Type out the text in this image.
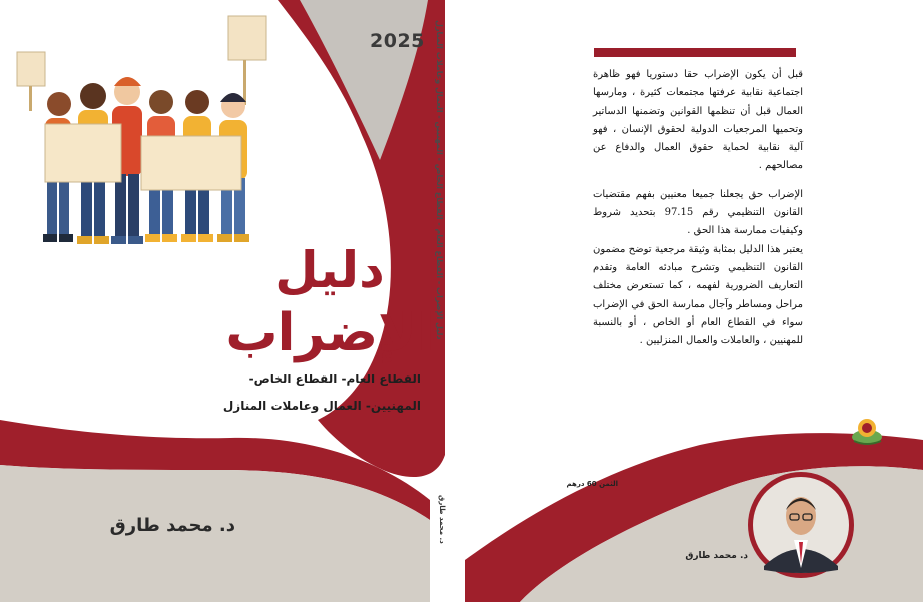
2025 دليل الإضراب - القطاع العام - القطاع الخاص - المهنيين - العمال وعاملات المنازل
د. محمد طارق
دليل
الإضراب
القطاع العام- القطاع الخاص-
المهنيين- العمال وعاملات المنازل
د. محمد طارق

قبل أن يكون الإضراب حقا دستوريا فهو ظاهرة اجتماعية نقابية عرفتها مجتمعات كثيرة ، ومارسها العمال قبل أن تنظمها القوانين وتضمنها الدساتير وتحميها المرجعيات الدولية لحقوق الإنسان ، فهو آلية نقابية لحماية حقوق العمال والدفاع عن مصالحهم .

الإضراب حق يجعلنا جميعا معنيين بفهم مقتضيات القانون التنظيمي رقم 97.15 بتحديد شروط وكيفيات ممارسة هذا الحق .

يعتبر هذا الدليل بمثابة وثيقة مرجعية توضح مضمون القانون التنظيمي وتشرح مبادئه العامة وتقدم التعاريف الضرورية لفهمه ، كما تستعرض مختلف مراحل ومساطر وآجال ممارسة الحق في الإضراب سواء في القطاع العام أو الخاص ، أو بالنسبة للمهنيين ، والعاملات والعمال المنزليين .

الثمن 60 درهم
د. محمد طارق
